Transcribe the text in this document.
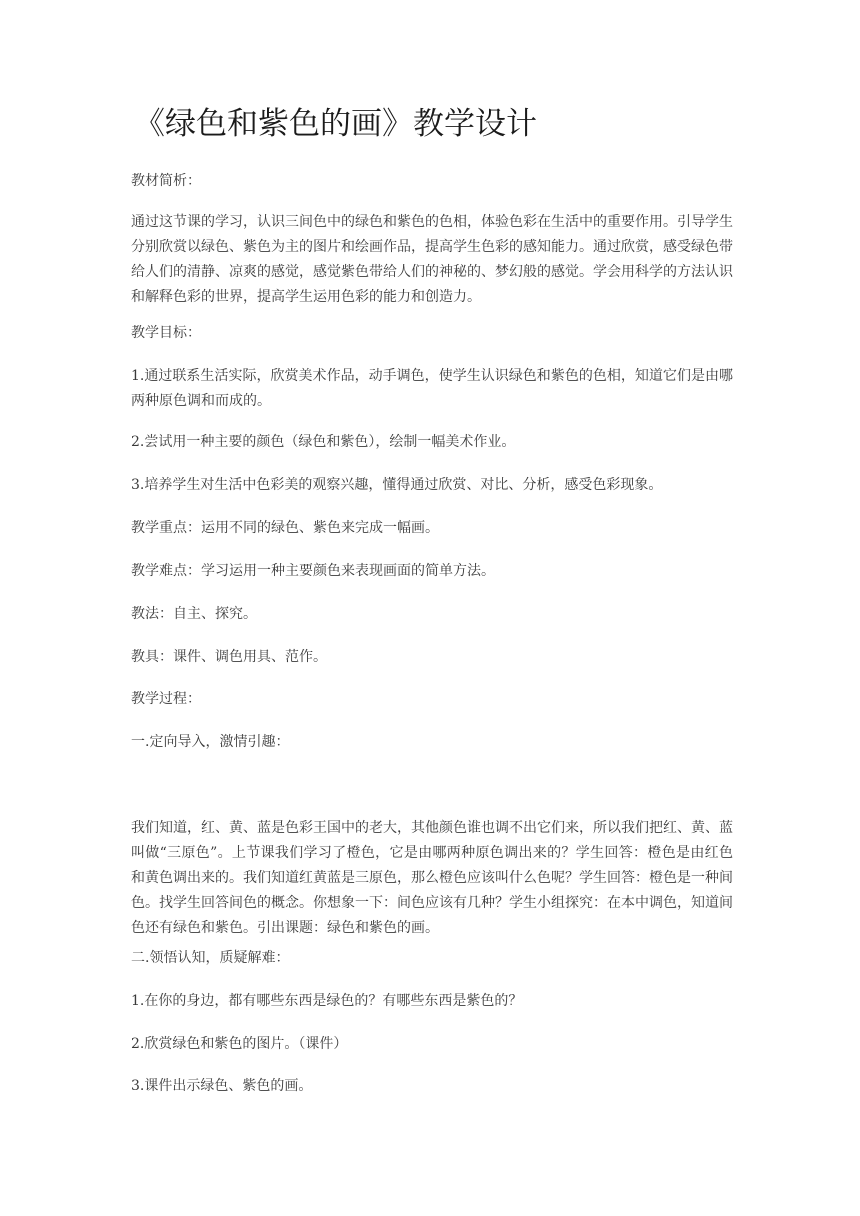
《绿色和紫色的画》教学设计

教材简析：

通过这节课的学习，认识三间色中的绿色和紫色的色相，体验色彩在生活中的重要作用。引导学生分别欣赏以绿色、紫色为主的图片和绘画作品，提高学生色彩的感知能力。通过欣赏，感受绿色带给人们的清静、凉爽的感觉，感觉紫色带给人们的神秘的、梦幻般的感觉。学会用科学的方法认识和解释色彩的世界，提高学生运用色彩的能力和创造力。

教学目标：

1.通过联系生活实际，欣赏美术作品，动手调色，使学生认识绿色和紫色的色相，知道它们是由哪两种原色调和而成的。

2.尝试用一种主要的颜色（绿色和紫色），绘制一幅美术作业。

3.培养学生对生活中色彩美的观察兴趣，懂得通过欣赏、对比、分析，感受色彩现象。

教学重点：运用不同的绿色、紫色来完成一幅画。

教学难点：学习运用一种主要颜色来表现画面的简单方法。

教法：自主、探究。

教具：课件、调色用具、范作。

教学过程：

一.定向导入，激情引趣：

我们知道，红、黄、蓝是色彩王国中的老大，其他颜色谁也调不出它们来，所以我们把红、黄、蓝叫做“三原色”。上节课我们学习了橙色，它是由哪两种原色调出来的？学生回答：橙色是由红色和黄色调出来的。我们知道红黄蓝是三原色，那么橙色应该叫什么色呢？学生回答：橙色是一种间色。找学生回答间色的概念。你想象一下：间色应该有几种？学生小组探究：在本中调色，知道间色还有绿色和紫色。引出课题：绿色和紫色的画。

二.领悟认知，质疑解难：

1.在你的身边，都有哪些东西是绿色的？有哪些东西是紫色的？

2.欣赏绿色和紫色的图片。（课件）

3.课件出示绿色、紫色的画。
